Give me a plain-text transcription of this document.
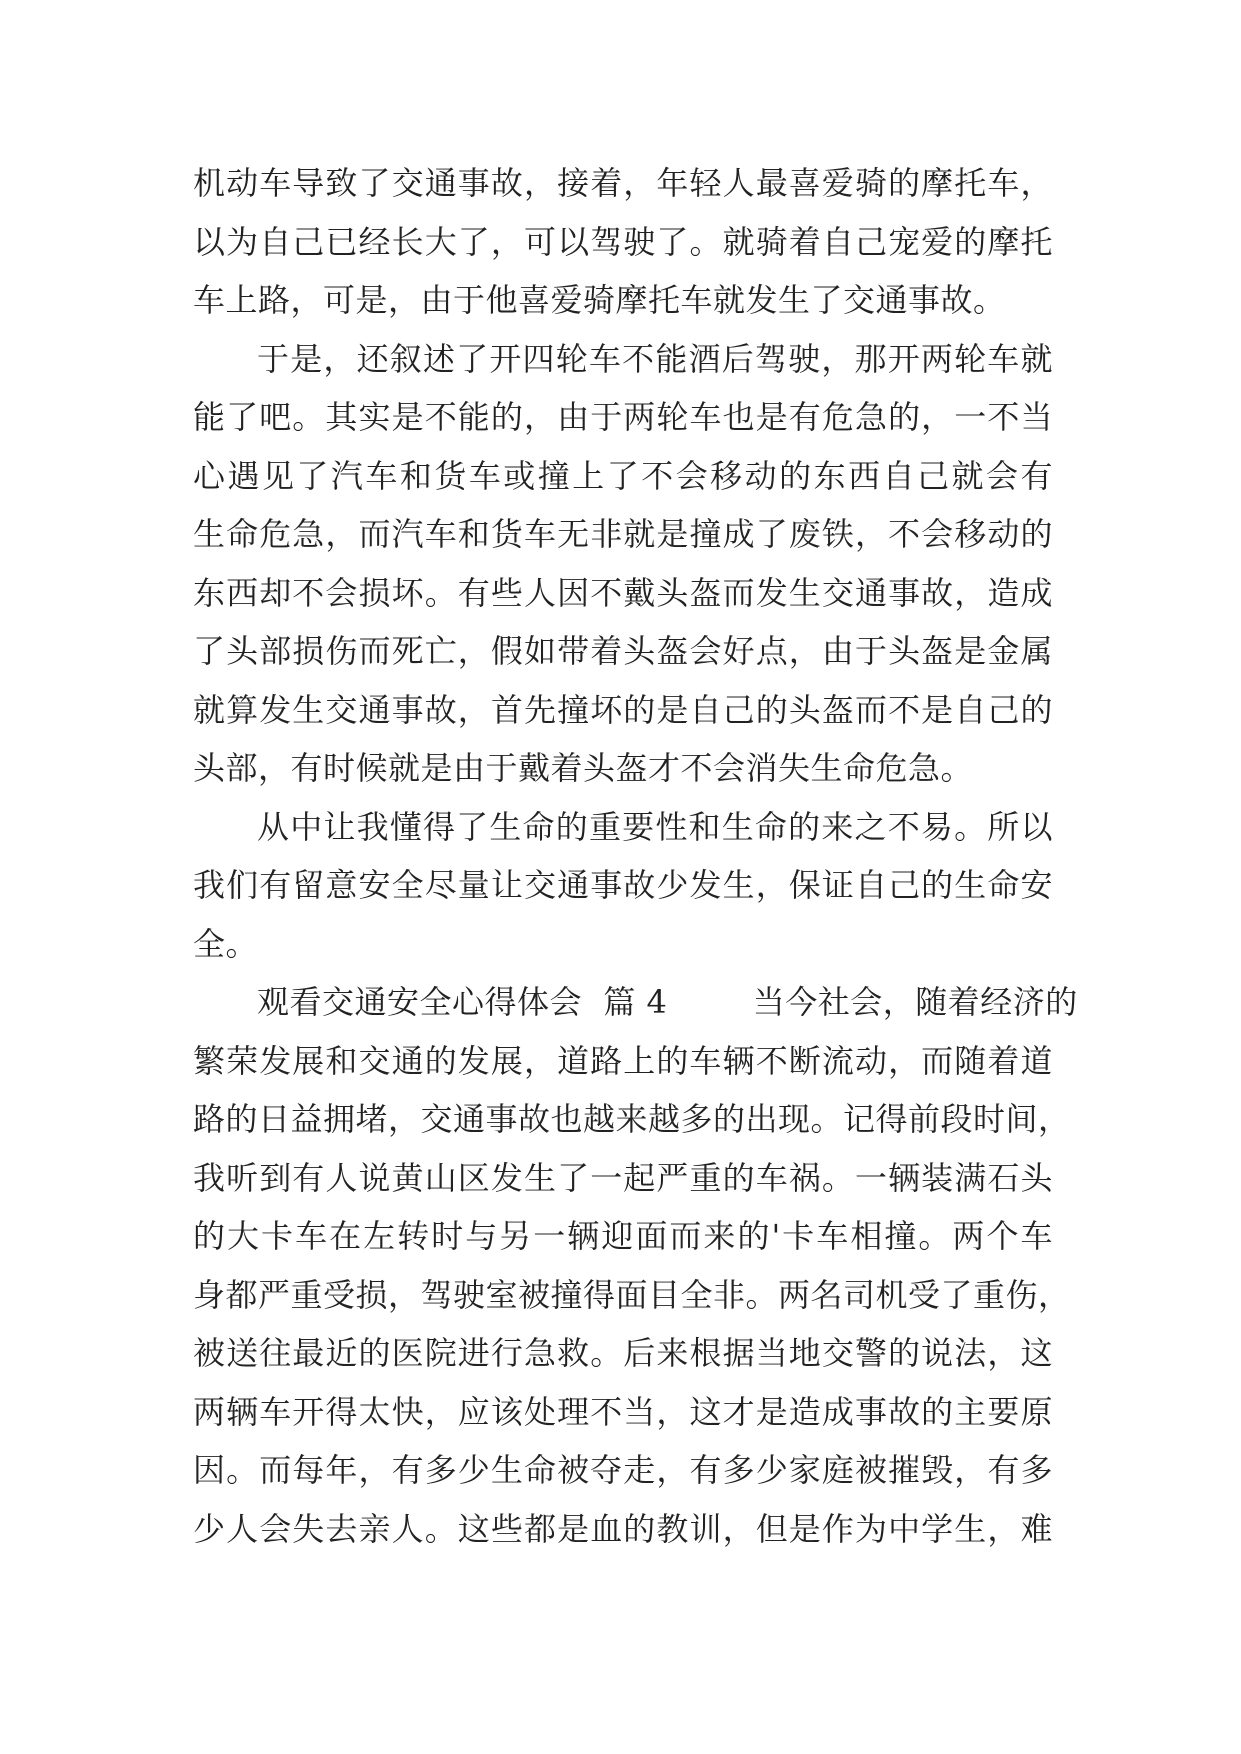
机动车导致了交通事故，接着，年轻人最喜爱骑的摩托车，
以为自己已经长大了，可以驾驶了。就骑着自己宠爱的摩托
车上路，可是，由于他喜爱骑摩托车就发生了交通事故。
于是，还叙述了开四轮车不能酒后驾驶，那开两轮车就
能了吧。其实是不能的，由于两轮车也是有危急的，一不当
心遇见了汽车和货车或撞上了不会移动的东西自己就会有
生命危急，而汽车和货车无非就是撞成了废铁，不会移动的
东西却不会损坏。有些人因不戴头盔而发生交通事故，造成
了头部损伤而死亡，假如带着头盔会好点，由于头盔是金属
就算发生交通事故，首先撞坏的是自己的头盔而不是自己的
头部，有时候就是由于戴着头盔才不会消失生命危急。
从中让我懂得了生命的重要性和生命的来之不易。所以
我们有留意安全尽量让交通事故少发生，保证自己的生命安
全。
观看交通安全心得体会  篇 4        当今社会，随着经济的
繁荣发展和交通的发展，道路上的车辆不断流动，而随着道
路的日益拥堵，交通事故也越来越多的出现。记得前段时间，
我听到有人说黄山区发生了一起严重的车祸。一辆装满石头
的大卡车在左转时与另一辆迎面而来的'卡车相撞。两个车
身都严重受损，驾驶室被撞得面目全非。两名司机受了重伤，
被送往最近的医院进行急救。后来根据当地交警的说法，这
两辆车开得太快，应该处理不当，这才是造成事故的主要原
因。而每年，有多少生命被夺走，有多少家庭被摧毁，有多
少人会失去亲人。这些都是血的教训，但是作为中学生，难
